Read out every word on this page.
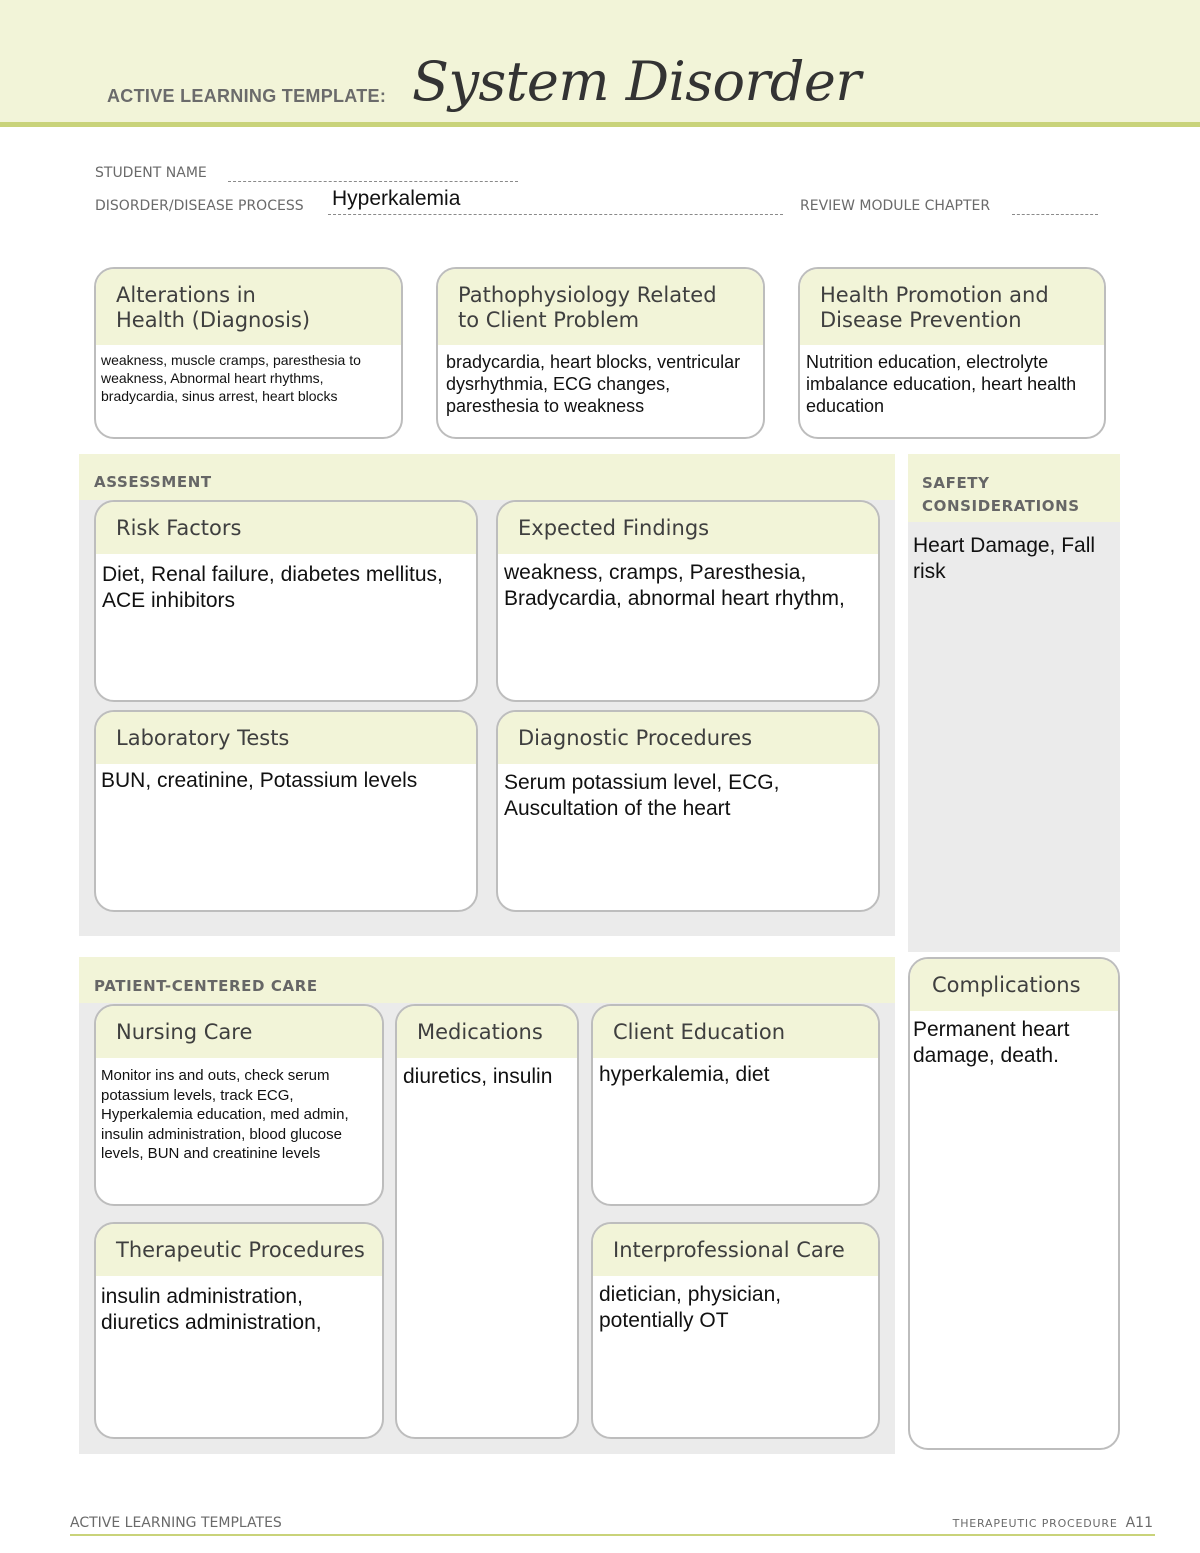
ACTIVE LEARNING TEMPLATE: System Disorder
STUDENT NAME
DISORDER/DISEASE PROCESS Hyperkalemia	REVIEW MODULE CHAPTER
Alterations in
Health (Diagnosis)
weakness, muscle cramps, paresthesia to weakness, Abnormal heart rhythms, bradycardia, sinus arrest, heart blocks
Pathophysiology Related
to Client Problem
bradycardia, heart blocks, ventricular dysrhythmia, ECG changes, paresthesia to weakness
Health Promotion and
Disease Prevention
Nutrition education, electrolyte imbalance education, heart health education
ASSESSMENT
Risk Factors
Diet, Renal failure, diabetes mellitus, ACE inhibitors
Expected Findings
weakness, cramps, Paresthesia, Bradycardia, abnormal heart rhythm,
Laboratory Tests
BUN, creatinine, Potassium levels
Diagnostic Procedures
Serum potassium level, ECG, Auscultation of the heart
SAFETY
CONSIDERATIONS
Heart Damage, Fall risk
PATIENT-CENTERED CARE
Nursing Care
Monitor ins and outs, check serum potassium levels, track ECG, Hyperkalemia education, med admin, insulin administration, blood glucose levels, BUN and creatinine levels
Medications
diuretics, insulin
Client Education
hyperkalemia, diet
Therapeutic Procedures
insulin administration, diuretics administration,
Interprofessional Care
dietician, physician, potentially OT
Complications
Permanent heart damage, death.
ACTIVE LEARNING TEMPLATES	THERAPEUTIC PROCEDURE A11
